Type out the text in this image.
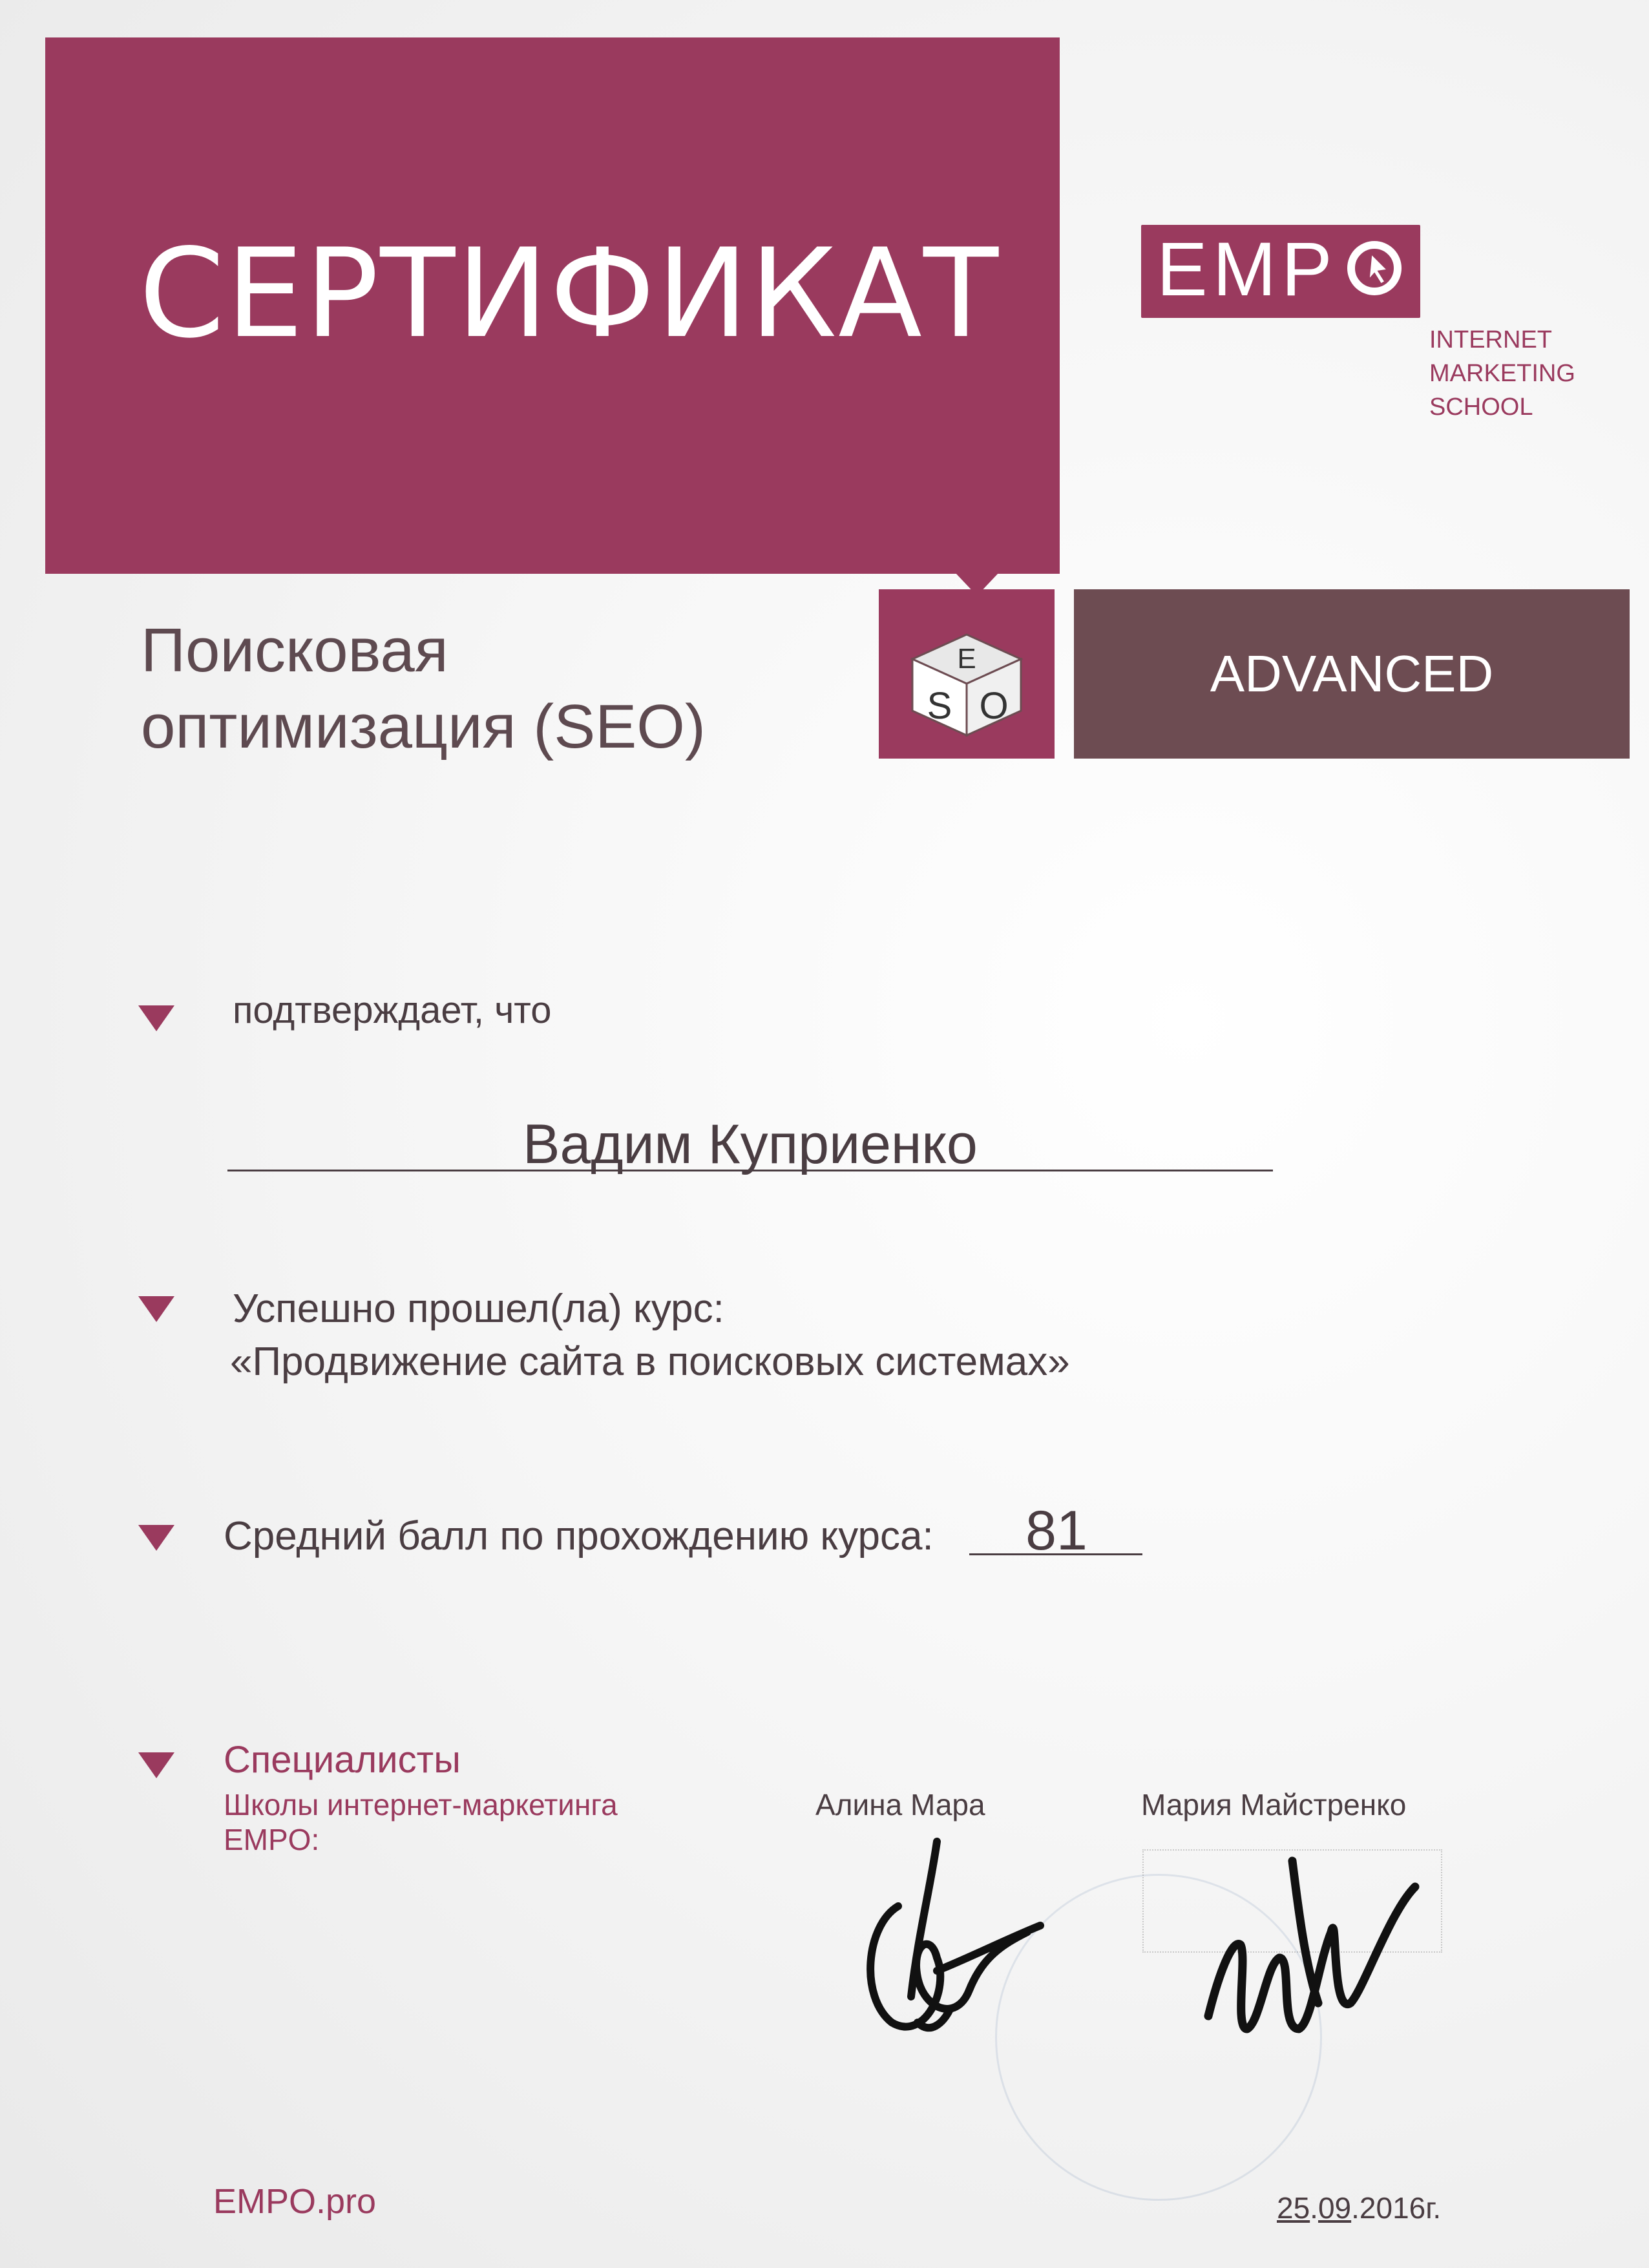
СЕРТИФИКАТ EMP
INTERNET
MARKETING
SCHOOL
Поисковая
оптимизация (SEO)	S
E
O
ADVANCED
подтверждает, что
Вадим Куприенко
Успешно прошел(ла) курс:
«Продвижение сайта в поисковых системах»
Средний балл по прохождению курса:	81
Специалисты
Школы интернет-маркетинга
EMPO:
Алина Мара	Мария Майстренко
EMPO.pro	25.09.2016г.
